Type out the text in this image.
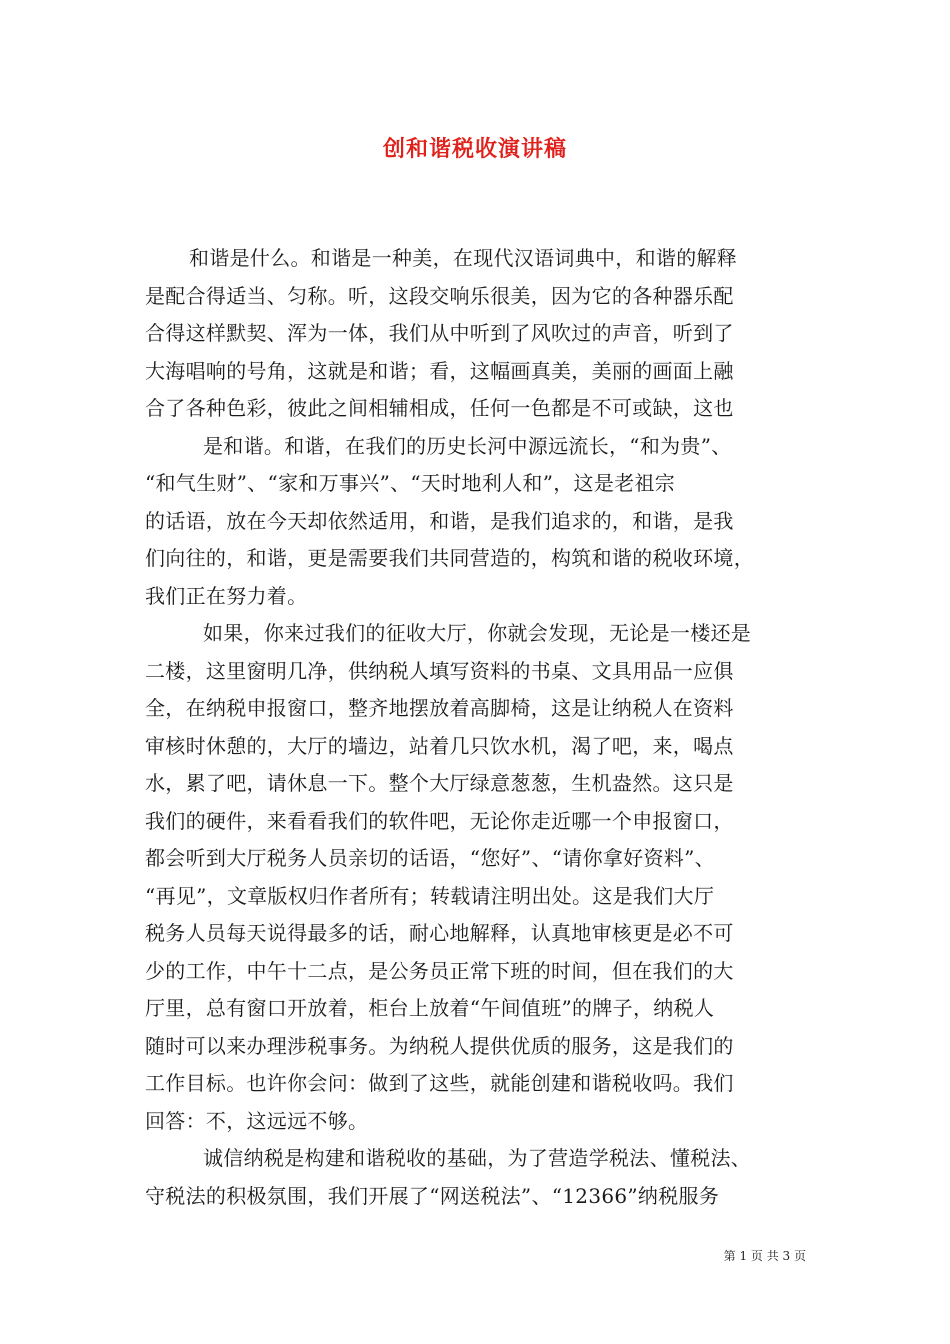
创和谐税收演讲稿
和谐是什么。和谐是一种美，在现代汉语词典中，和谐的解释
是配合得适当、匀称。听，这段交响乐很美，因为它的各种器乐配
合得这样默契、浑为一体，我们从中听到了风吹过的声音，听到了
大海唱响的号角，这就是和谐；看，这幅画真美，美丽的画面上融
合了各种色彩，彼此之间相辅相成，任何一色都是不可或缺，这也
是和谐。和谐，在我们的历史长河中源远流长，“和为贵”、
“和气生财”、“家和万事兴”、“天时地利人和”，这是老祖宗
的话语，放在今天却依然适用，和谐，是我们追求的，和谐，是我
们向往的，和谐，更是需要我们共同营造的，构筑和谐的税收环境，
我们正在努力着。
如果，你来过我们的征收大厅，你就会发现，无论是一楼还是
二楼，这里窗明几净，供纳税人填写资料的书桌、文具用品一应俱
全，在纳税申报窗口，整齐地摆放着高脚椅，这是让纳税人在资料
审核时休憩的，大厅的墙边，站着几只饮水机，渴了吧，来，喝点
水，累了吧，请休息一下。整个大厅绿意葱葱，生机盎然。这只是
我们的硬件，来看看我们的软件吧，无论你走近哪一个申报窗口，
都会听到大厅税务人员亲切的话语，“您好”、“请你拿好资料”、
“再见”，文章版权归作者所有；转载请注明出处。这是我们大厅
税务人员每天说得最多的话，耐心地解释，认真地审核更是必不可
少的工作，中午十二点，是公务员正常下班的时间，但在我们的大
厅里，总有窗口开放着，柜台上放着“午间值班”的牌子，纳税人
随时可以来办理涉税事务。为纳税人提供优质的服务，这是我们的
工作目标。也许你会问：做到了这些，就能创建和谐税收吗。我们
回答：不，这远远不够。
诚信纳税是构建和谐税收的基础，为了营造学税法、懂税法、
守税法的积极氛围，我们开展了“网送税法”、“12366”纳税服务
第 1 页 共 3 页
